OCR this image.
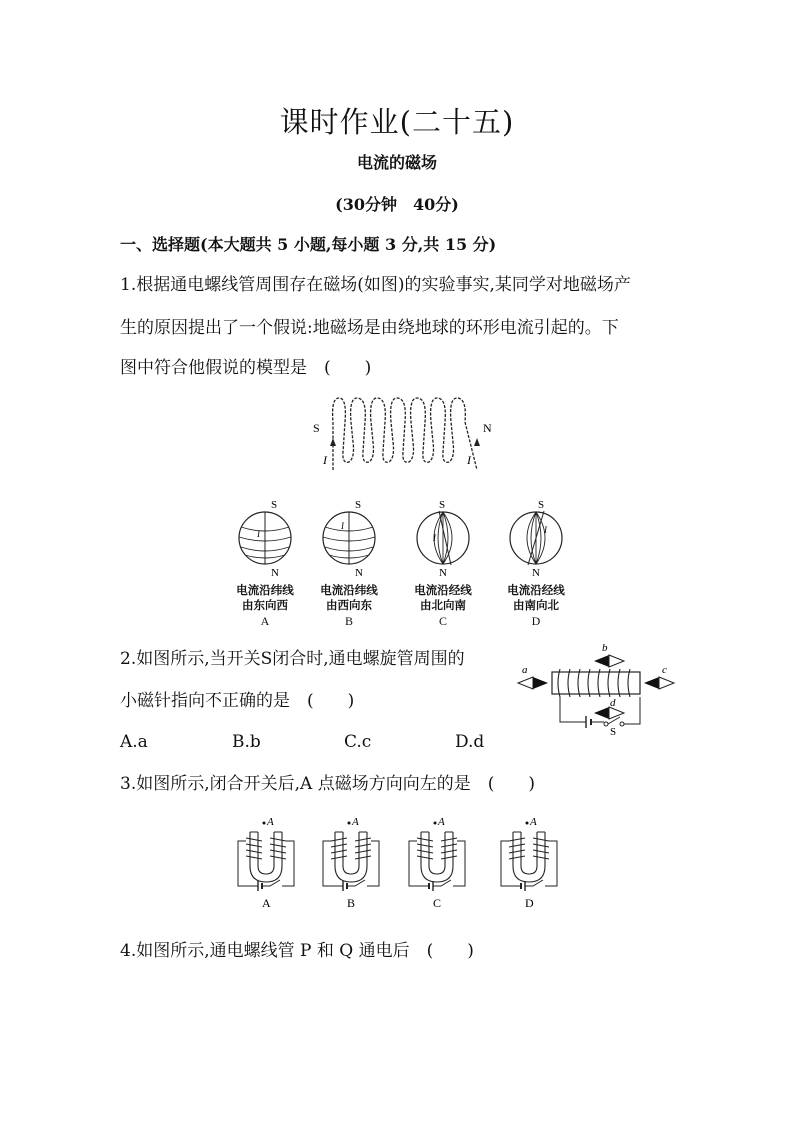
课时作业(二十五)
电流的磁场
(30分钟　40分)
一、选择题(本大题共 5 小题,每小题 3 分,共 15 分)
1.根据通电螺线管周围存在磁场(如图)的实验事实,某同学对地磁场产
生的原因提出了一个假说:地磁场是由绕地球的环形电流引起的。下
图中符合他假说的模型是　(　　)
S	N
I	I
S
I
N
电流沿纬线
由东向西
A
S
I
N
电流沿纬线
由西向东
B
S
I
N
电流沿经线
由北向南
C
S
I
N
电流沿经线
由南向北
D
2.如图所示,当开关S闭合时,通电螺旋管周围的
小磁针指向不正确的是　(　　)
A.a	B.b	C.c	D.d
a
b
c
d
S
3.如图所示,闭合开关后,A 点磁场方向向左的是　(　　)
A
A
A
B
A
C
A
D
4.如图所示,通电螺线管 P 和 Q 通电后　(　　)
